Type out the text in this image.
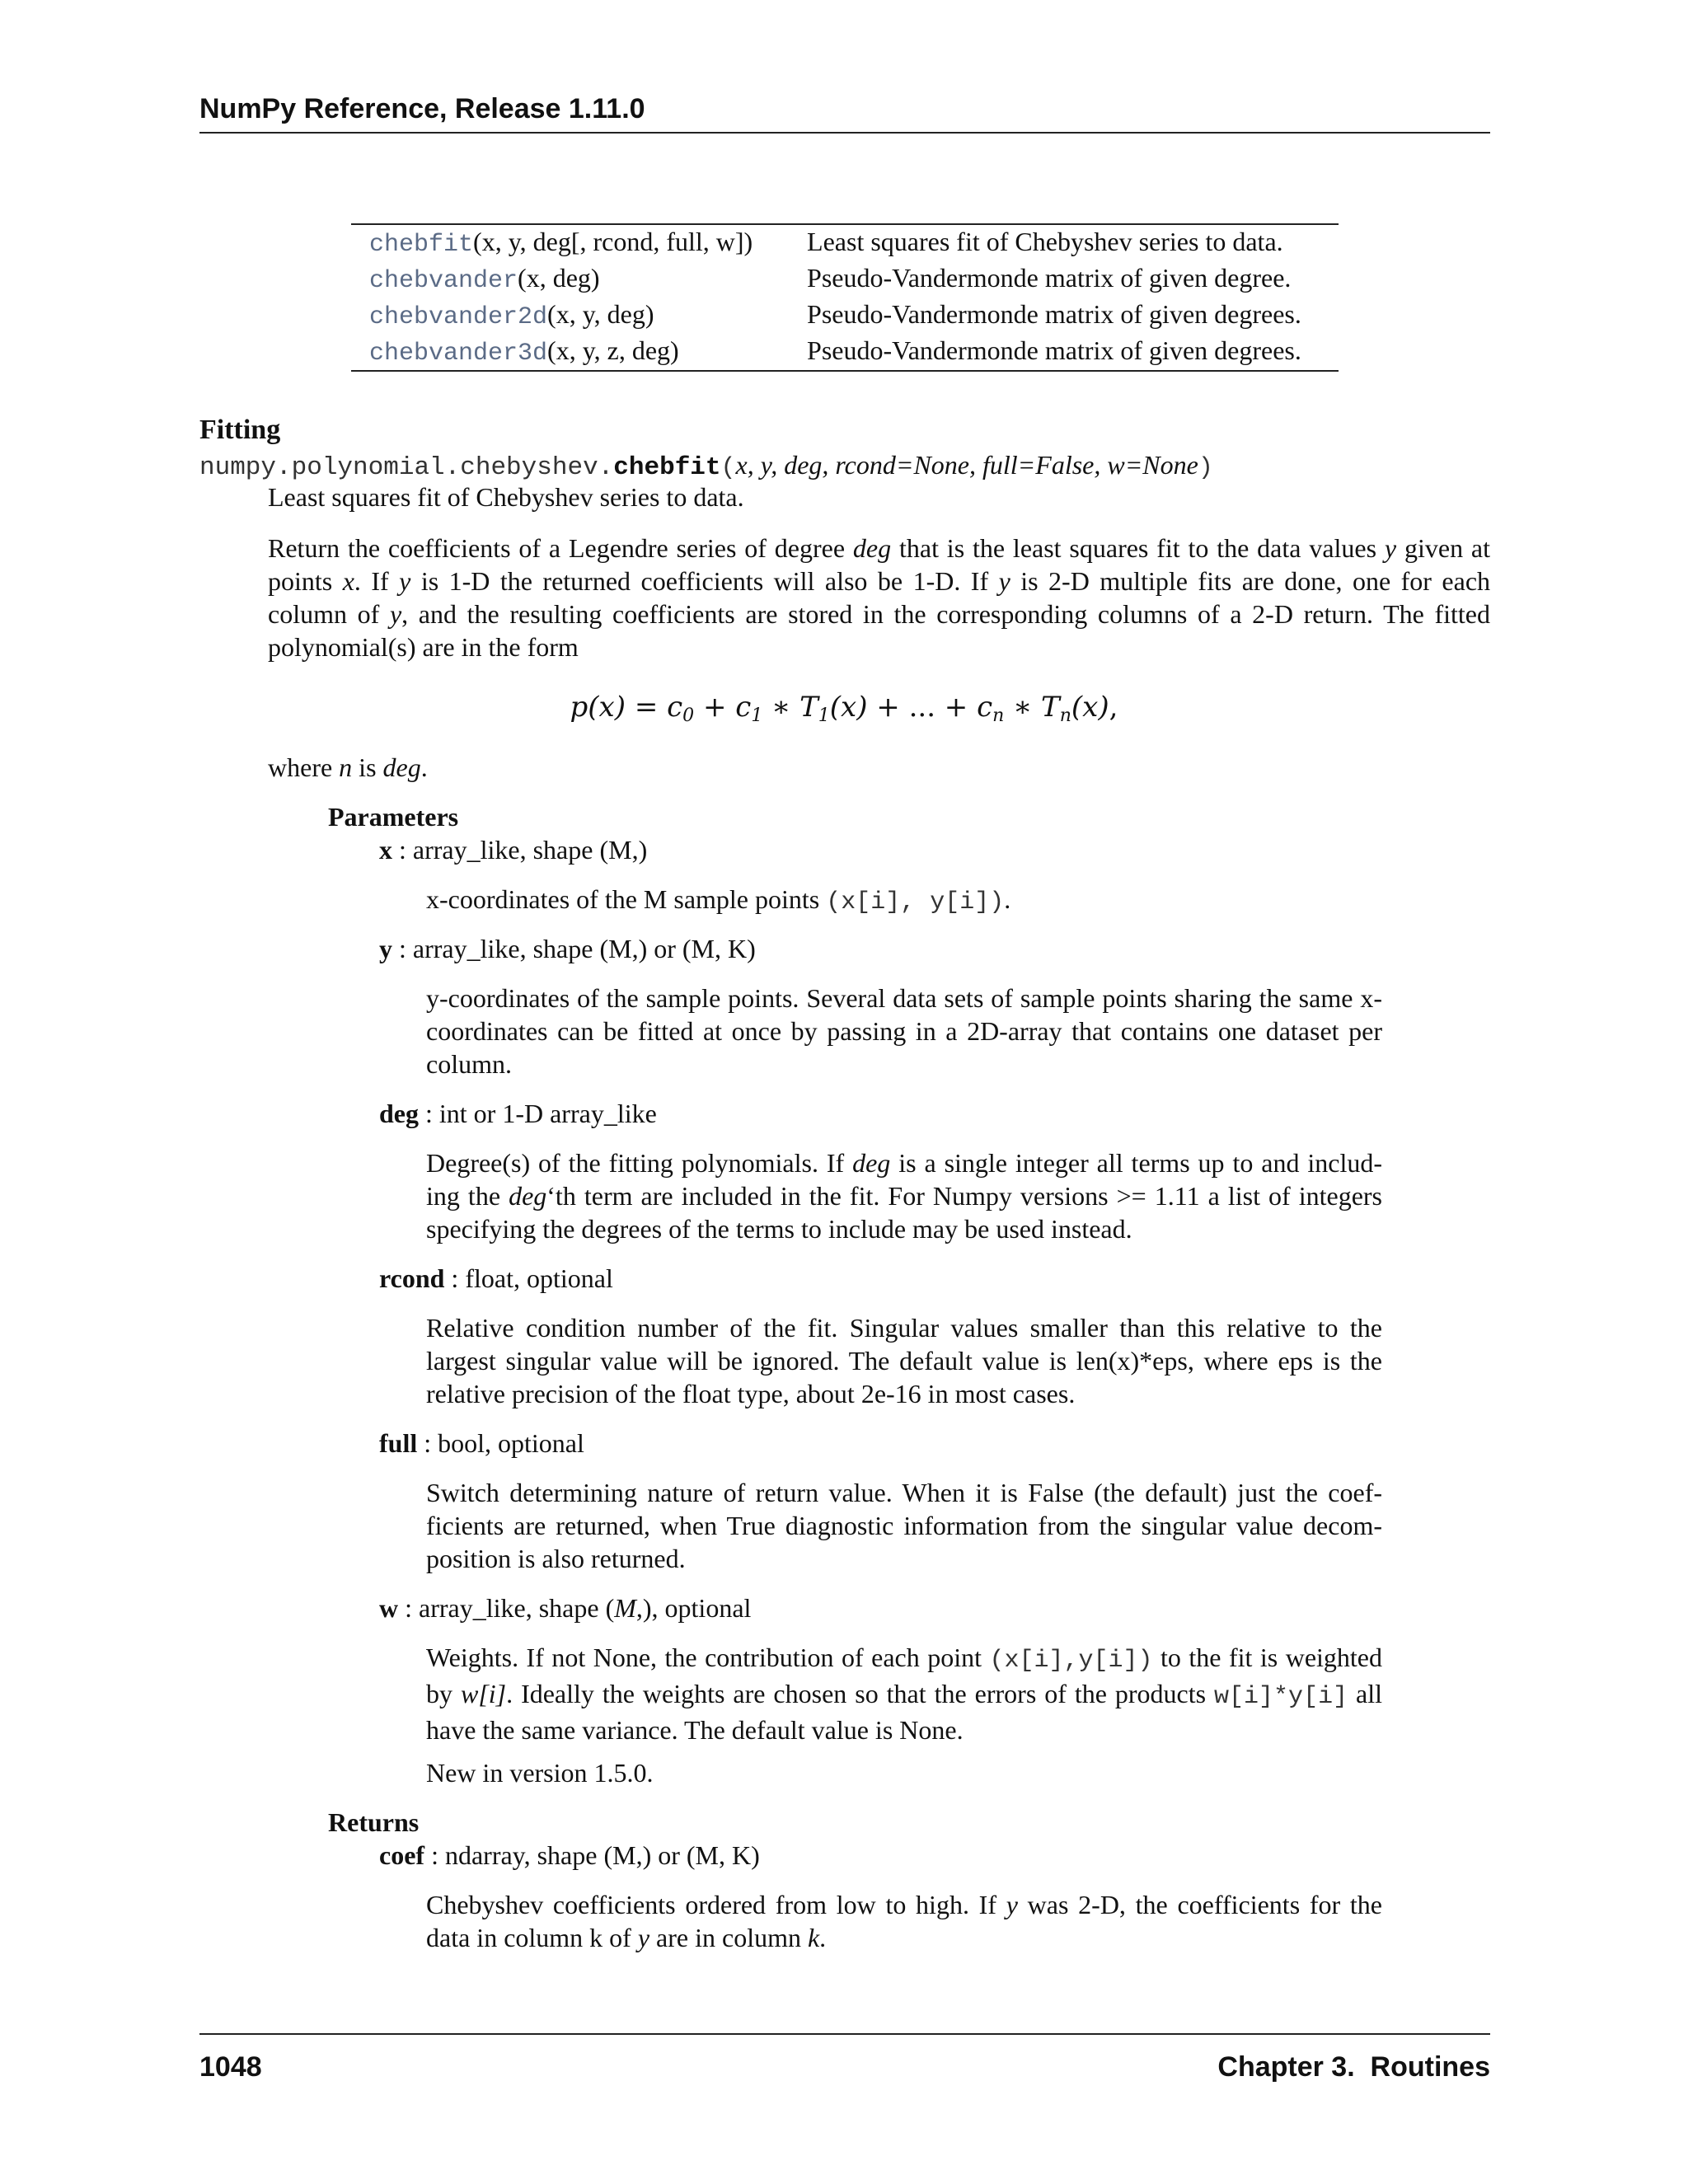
NumPy Reference, Release 1.11.0
chebfit(x, y, deg[, rcond, full, w])	Least squares fit of Chebyshev series to data.
chebvander(x, deg)	Pseudo-Vandermonde matrix of given degree.
chebvander2d(x, y, deg)	Pseudo-Vandermonde matrix of given degrees.
chebvander3d(x, y, z, deg)	Pseudo-Vandermonde matrix of given degrees.
Fitting
numpy.polynomial.chebyshev.chebfit(x, y, deg, rcond=None, full=False, w=None)

Least squares fit of Chebyshev series to data.

Return the coefficients of a Legendre series of degree deg that is the least squares fit to the data values y given at points x. If y is 1-D the returned coefficients will also be 1-D. If y is 2-D multiple fits are done, one for each column of y, and the resulting coefficients are stored in the corresponding columns of a 2-D return. The fitted polynomial(s) are in the form

$p(x) = c_0 + c_1$ ∗ $T_1(x)$ + ... + $c_n$ ∗ $T_n(x)$,

where n is deg.

Parameters

x : array_like, shape (M,)

x-coordinates of the M sample points (x[i], y[i]).

y : array_like, shape (M,) or (M, K)

y-coordinates of the sample points. Several data sets of sample points sharing the same x-coordinates can be fitted at once by passing in a 2D-array that contains one dataset per column.

deg : int or 1-D array_like

Degree(s) of the fitting polynomials. If deg is a single integer all terms up to and includ-ing the deg‘th term are included in the fit. For Numpy versions >= 1.11 a list of integers specifying the degrees of the terms to include may be used instead.

rcond : float, optional

Relative condition number of the fit. Singular values smaller than this relative to the largest singular value will be ignored. The default value is len(x)*eps, where eps is the relative precision of the float type, about 2e-16 in most cases.

full : bool, optional

Switch determining nature of return value. When it is False (the default) just the coef-ficients are returned, when True diagnostic information from the singular value decom-position is also returned.

w : array_like, shape (M,), optional

Weights. If not None, the contribution of each point (x[i],y[i]) to the fit is weighted by w[i]. Ideally the weights are chosen so that the errors of the products w[i]*y[i] all have the same variance. The default value is None.

New in version 1.5.0.

Returns

coef : ndarray, shape (M,) or (M, K)

Chebyshev coefficients ordered from low to high. If y was 2-D, the coefficients for the data in column k of y are in column k.

1048	Chapter 3.  Routines
